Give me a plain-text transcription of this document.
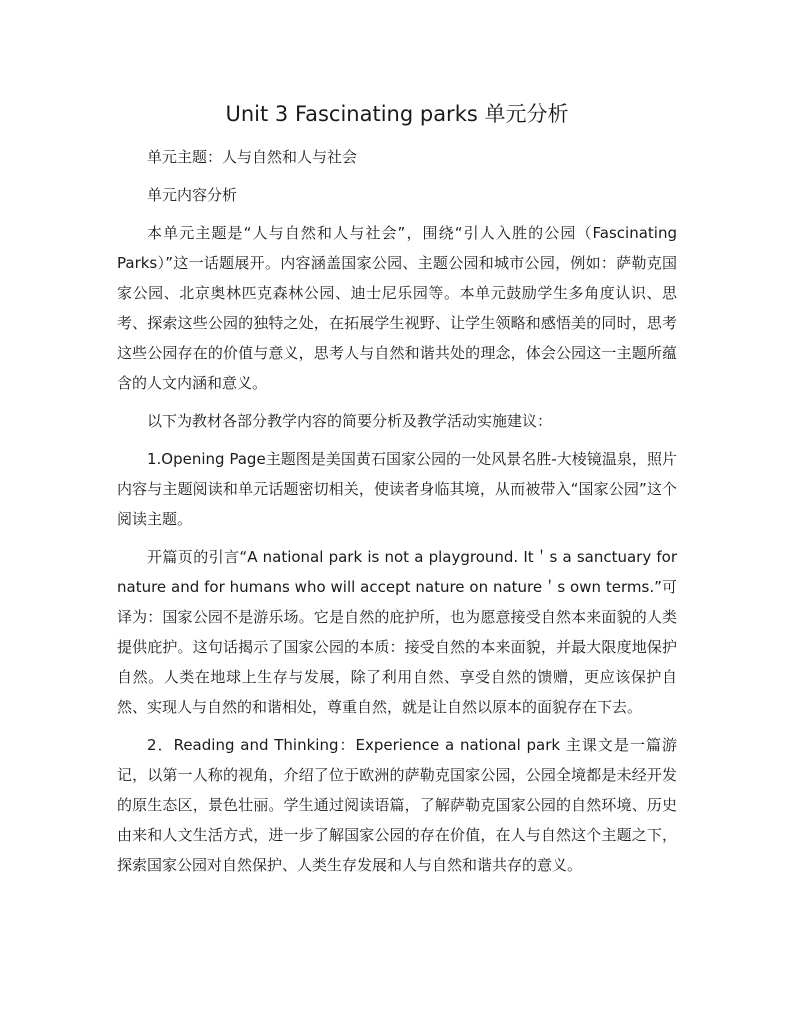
Unit 3 Fascinating parks 单元分析

单元主题：人与自然和人与社会

单元内容分析

本单元主题是“人与自然和人与社会”，围绕“引人入胜的公园（Fascinating Parks）”这一话题展开。内容涵盖国家公园、主题公园和城市公园，例如：萨勒克国家公园、北京奥林匹克森林公园、迪士尼乐园等。本单元鼓励学生多角度认识、思考、探索这些公园的独特之处，在拓展学生视野、让学生领略和感悟美的同时，思考这些公园存在的价值与意义，思考人与自然和谐共处的理念，体会公园这一主题所蕴含的人文内涵和意义。

以下为教材各部分教学内容的简要分析及教学活动实施建议：

1.Opening Page主题图是美国黄石国家公园的一处风景名胜-大棱镜温泉，照片内容与主题阅读和单元话题密切相关，使读者身临其境，从而被带入“国家公园”这个阅读主题。

开篇页的引言“A national park is not a playground. It＇s a sanctuary for nature and for humans who will accept nature on nature＇s own terms.”可译为：国家公园不是游乐场。它是自然的庇护所，也为愿意接受自然本来面貌的人类提供庇护。这句话揭示了国家公园的本质：接受自然的本来面貌，并最大限度地保护自然。人类在地球上生存与发展，除了利用自然、享受自然的馈赠，更应该保护自然、实现人与自然的和谐相处，尊重自然，就是让自然以原本的面貌存在下去。

2．Reading and Thinking：Experience a national park 主课文是一篇游记，以第一人称的视角，介绍了位于欧洲的萨勒克国家公园，公园全境都是未经开发的原生态区，景色壮丽。学生通过阅读语篇，了解萨勒克国家公园的自然环境、历史由来和人文生活方式，进一步了解国家公园的存在价值，在人与自然这个主题之下，探索国家公园对自然保护、人类生存发展和人与自然和谐共存的意义。
